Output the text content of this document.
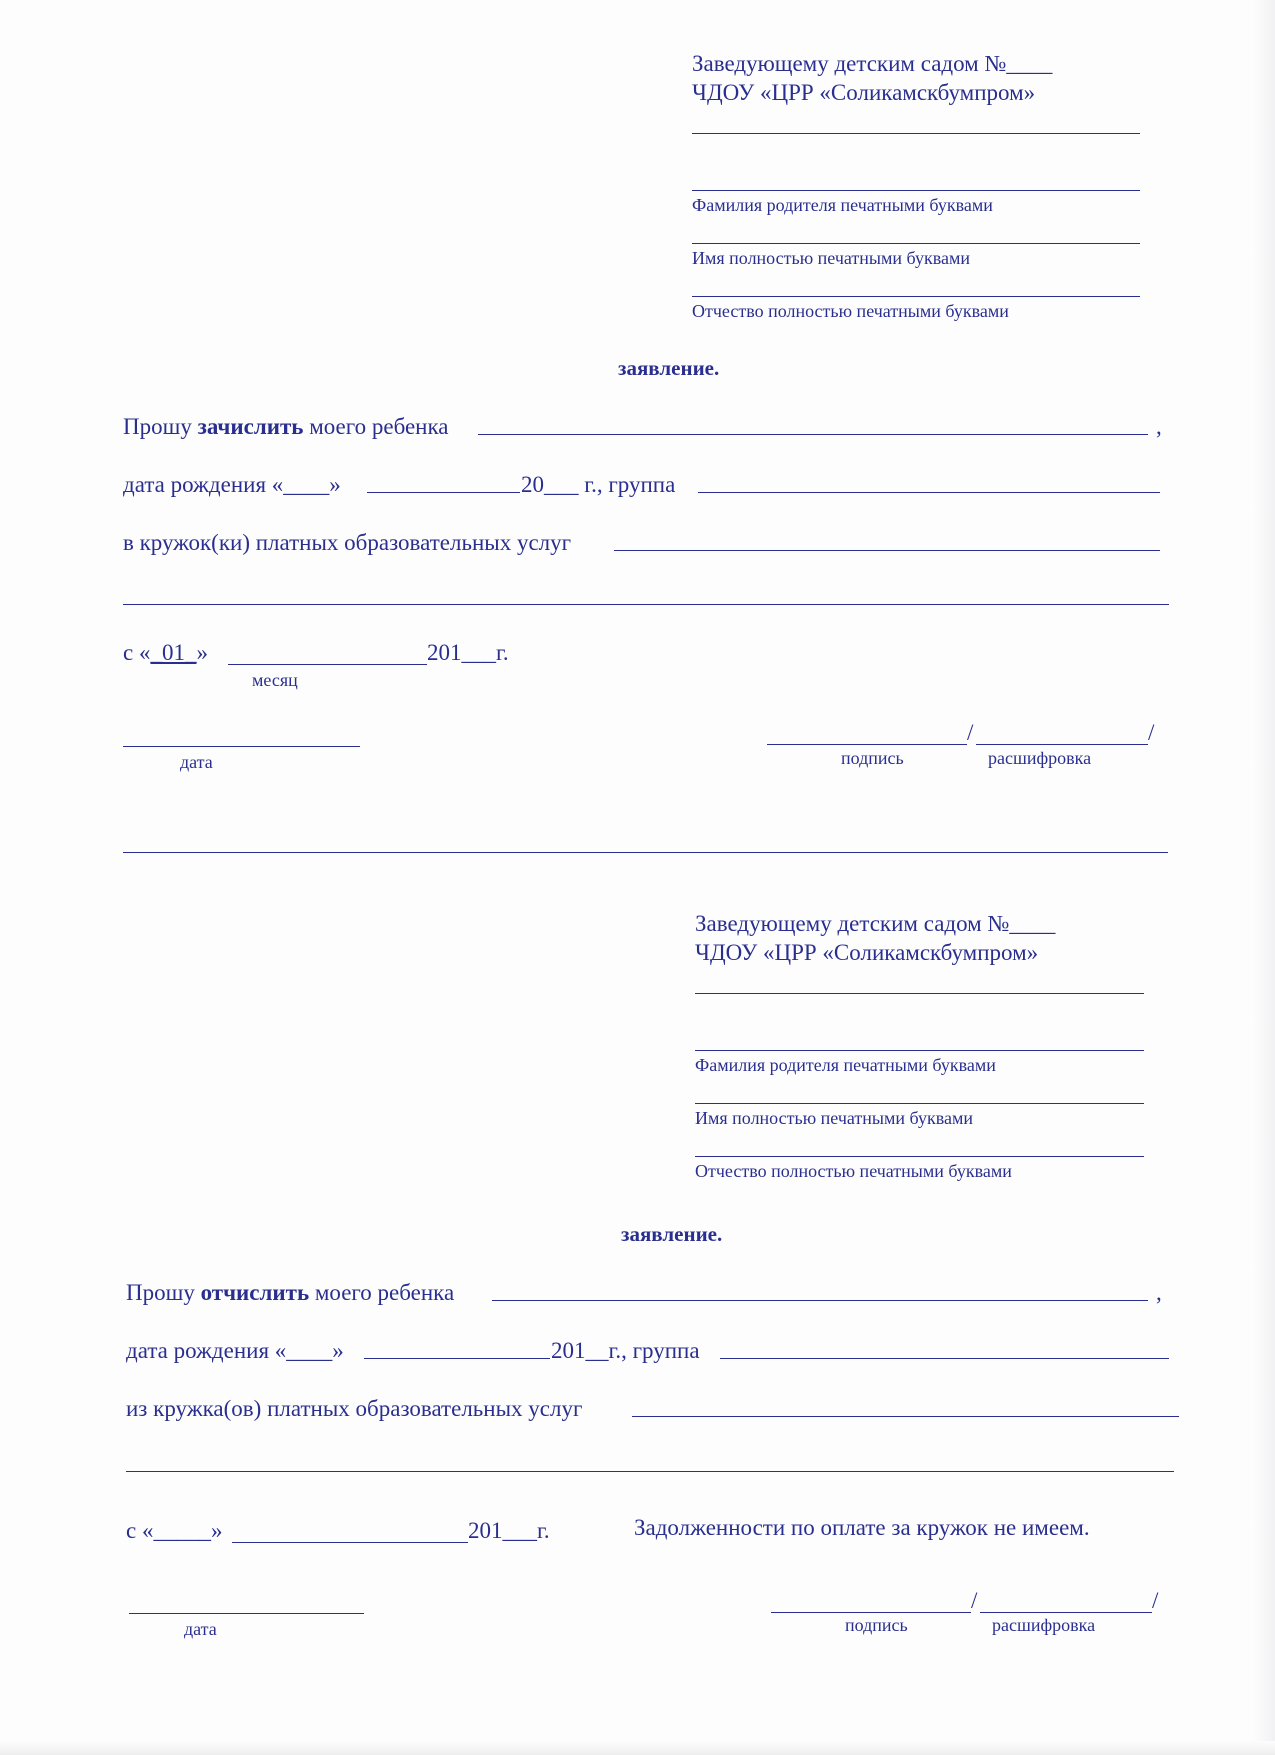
Заведующему детским садом №____
ЧДОУ «ЦРР «Соликамскбумпром»
Фамилия родителя печатными буквами
Имя полностью печатными буквами
Отчество полностью печатными буквами
заявление.
Прошу зачислить моего ребенка	,
дата рождения «____»	20___ г., группа
в кружок(ки) платных образовательных услуг
с «_01_»	201___г.
месяц
дата
/	/
подпись	расшифровка
Заведующему детским садом №____
ЧДОУ «ЦРР «Соликамскбумпром»
Фамилия родителя печатными буквами
Имя полностью печатными буквами
Отчество полностью печатными буквами
заявление.
Прошу отчислить моего ребенка	,
дата рождения «____»	201__г., группа
из кружка(ов) платных образовательных услуг
с «_____»	201___г.	Задолженности по оплате за кружок не имеем.
дата
/	/
подпись	расшифровка
